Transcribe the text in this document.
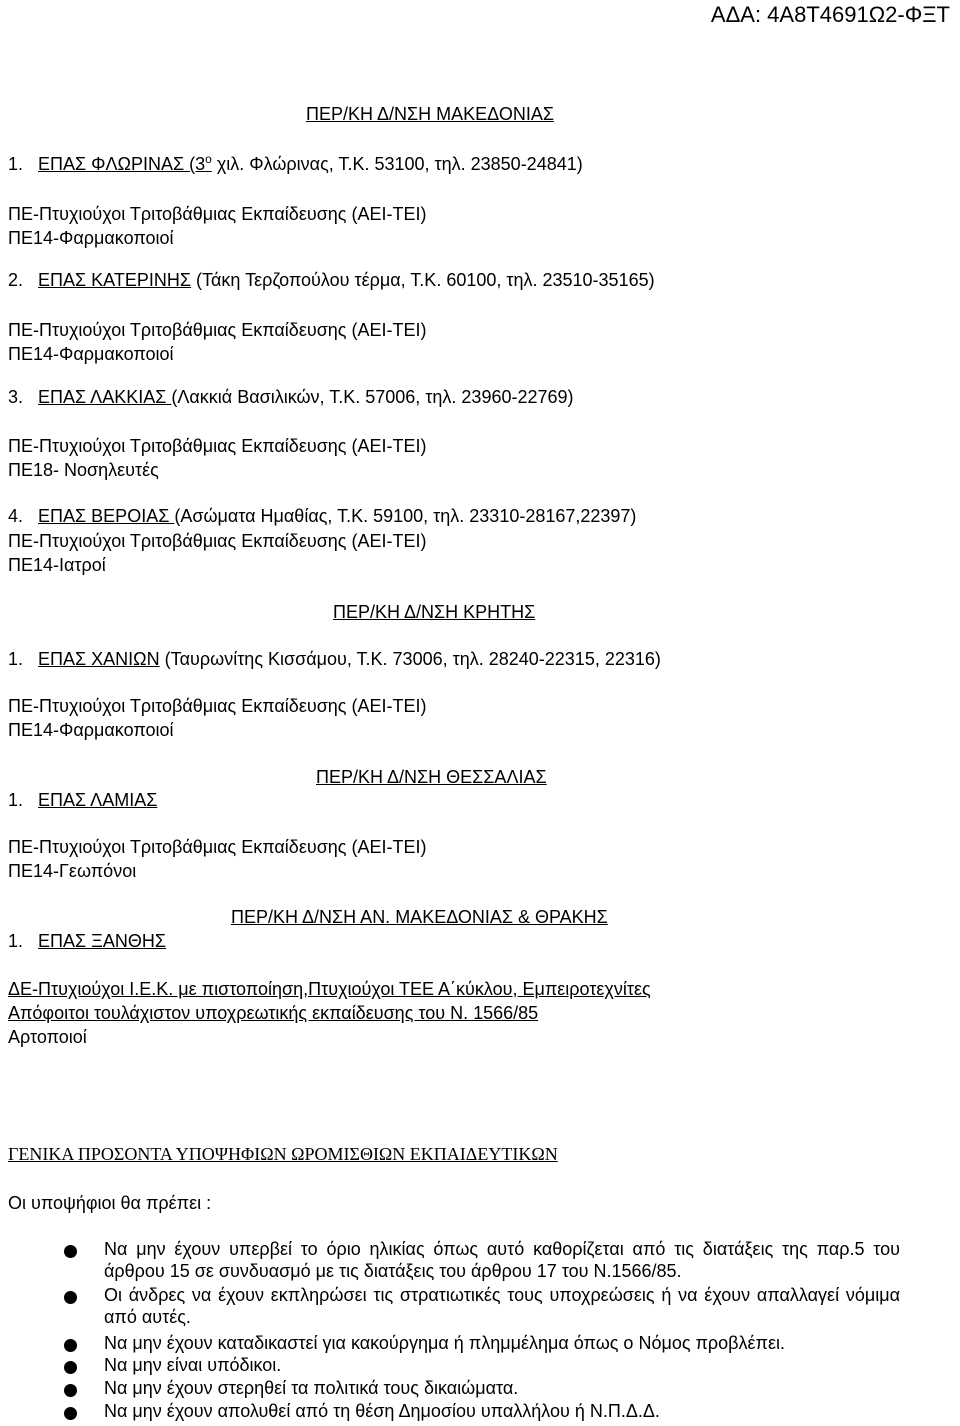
ΑΔΑ: 4Α8Τ4691Ω2-ΦΞΤ
ΠΕΡ/ΚΗ Δ/ΝΣΗ ΜΑΚΕΔΟΝΙΑΣ
1. ΕΠΑΣ ΦΛΩΡΙΝΑΣ ($3^o$ χιλ. Φλώρινας, Τ.Κ. 53100, τηλ. 23850-24841)
ΠΕ-Πτυχιούχοι Τριτοβάθμιας Εκπαίδευσης (ΑΕΙ-ΤΕΙ)
ΠΕ14-Φαρμακοποιοί
2. ΕΠΑΣ ΚΑΤΕΡΙΝΗΣ (Τάκη Τερζοπούλου τέρμα, Τ.Κ. 60100, τηλ. 23510-35165)
ΠΕ-Πτυχιούχοι Τριτοβάθμιας Εκπαίδευσης (ΑΕΙ-ΤΕΙ)
ΠΕ14-Φαρμακοποιοί
3. ΕΠΑΣ ΛΑΚΚΙΑΣ (Λακκιά Βασιλικών, Τ.Κ. 57006, τηλ. 23960-22769)
ΠΕ-Πτυχιούχοι Τριτοβάθμιας Εκπαίδευσης (ΑΕΙ-ΤΕΙ)
ΠΕ18- Νοσηλευτές
4. ΕΠΑΣ ΒΕΡΟΙΑΣ (Ασώματα Ημαθίας, Τ.Κ. 59100, τηλ. 23310-28167,22397)
ΠΕ-Πτυχιούχοι Τριτοβάθμιας Εκπαίδευσης (ΑΕΙ-ΤΕΙ)
ΠΕ14-Ιατροί
ΠΕΡ/ΚΗ Δ/ΝΣΗ ΚΡΗΤΗΣ
1. ΕΠΑΣ ΧΑΝΙΩΝ (Ταυρωνίτης Κισσάμου, Τ.Κ. 73006, τηλ. 28240-22315, 22316)
ΠΕ-Πτυχιούχοι Τριτοβάθμιας Εκπαίδευσης (ΑΕΙ-ΤΕΙ)
ΠΕ14-Φαρμακοποιοί
ΠΕΡ/ΚΗ Δ/ΝΣΗ ΘΕΣΣΑΛΙΑΣ
1. ΕΠΑΣ ΛΑΜΙΑΣ
ΠΕ-Πτυχιούχοι Τριτοβάθμιας Εκπαίδευσης (ΑΕΙ-ΤΕΙ)
ΠΕ14-Γεωπόνοι
ΠΕΡ/ΚΗ Δ/ΝΣΗ ΑΝ. ΜΑΚΕΔΟΝΙΑΣ & ΘΡΑΚΗΣ
1. ΕΠΑΣ ΞΑΝΘΗΣ
ΔΕ-Πτυχιούχοι Ι.Ε.Κ. με πιστοποίηση,Πτυχιούχοι ΤΕΕ Α΄κύκλου, Εμπειροτεχνίτες
Απόφοιτοι τουλάχιστον υποχρεωτικής εκπαίδευσης του Ν. 1566/85
Αρτοποιοί
ΓΕΝΙΚΑ ΠΡΟΣΟΝΤΑ ΥΠΟΨΗΦΙΩΝ ΩΡΟΜΙΣΘΙΩΝ ΕΚΠΑΙΔΕΥΤΙΚΩΝ
Οι υποψήφιοι θα πρέπει :
Να μην έχουν υπερβεί το όριο ηλικίας όπως αυτό καθορίζεται από τις διατάξεις της παρ.5 του άρθρου 15 σε συνδυασμό με τις διατάξεις του άρθρου 17 του Ν.1566/85.
Οι άνδρες να έχουν εκπληρώσει τις στρατιωτικές τους υποχρεώσεις ή να έχουν απαλλαγεί νόμιμα από αυτές.
Να μην έχουν καταδικαστεί για κακούργημα ή πλημμέλημα όπως ο Νόμος προβλέπει.
Να μην είναι υπόδικοι.
Να μην έχουν στερηθεί τα πολιτικά τους δικαιώματα.
Να μην έχουν απολυθεί από τη θέση Δημοσίου υπαλλήλου ή Ν.Π.Δ.Δ.
